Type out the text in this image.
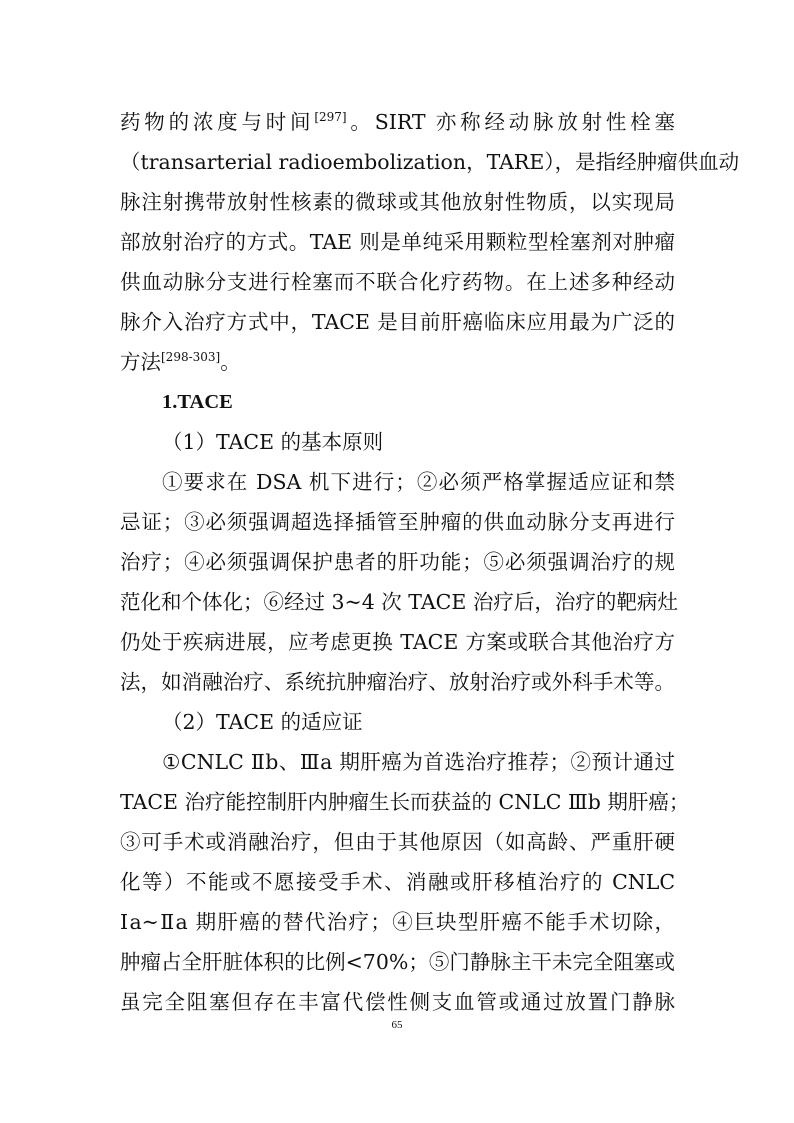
药物的浓度与时间[297]。SIRT 亦称经动脉放射性栓塞
（transarterial radioembolization，TARE），是指经肿瘤供血动
脉注射携带放射性核素的微球或其他放射性物质，以实现局
部放射治疗的方式。TAE 则是单纯采用颗粒型栓塞剂对肿瘤
供血动脉分支进行栓塞而不联合化疗药物。在上述多种经动
脉介入治疗方式中，TACE 是目前肝癌临床应用最为广泛的
方法[298-303]。
1.TACE
（1）TACE 的基本原则
①要求在 DSA 机下进行；②必须严格掌握适应证和禁
忌证；③必须强调超选择插管至肿瘤的供血动脉分支再进行
治疗；④必须强调保护患者的肝功能；⑤必须强调治疗的规
范化和个体化；⑥经过 3~4 次 TACE 治疗后，治疗的靶病灶
仍处于疾病进展，应考虑更换 TACE 方案或联合其他治疗方
法，如消融治疗、系统抗肿瘤治疗、放射治疗或外科手术等。
（2）TACE 的适应证
①CNLC Ⅱb、Ⅲa 期肝癌为首选治疗推荐；②预计通过
TACE 治疗能控制肝内肿瘤生长而获益的 CNLC Ⅲb 期肝癌；
③可手术或消融治疗，但由于其他原因（如高龄、严重肝硬
化等）不能或不愿接受手术、消融或肝移植治疗的 CNLC
Ⅰa~Ⅱa 期肝癌的替代治疗；④巨块型肝癌不能手术切除，
肿瘤占全肝脏体积的比例<70%；⑤门静脉主干未完全阻塞或
虽完全阻塞但存在丰富代偿性侧支血管或通过放置门静脉
65
